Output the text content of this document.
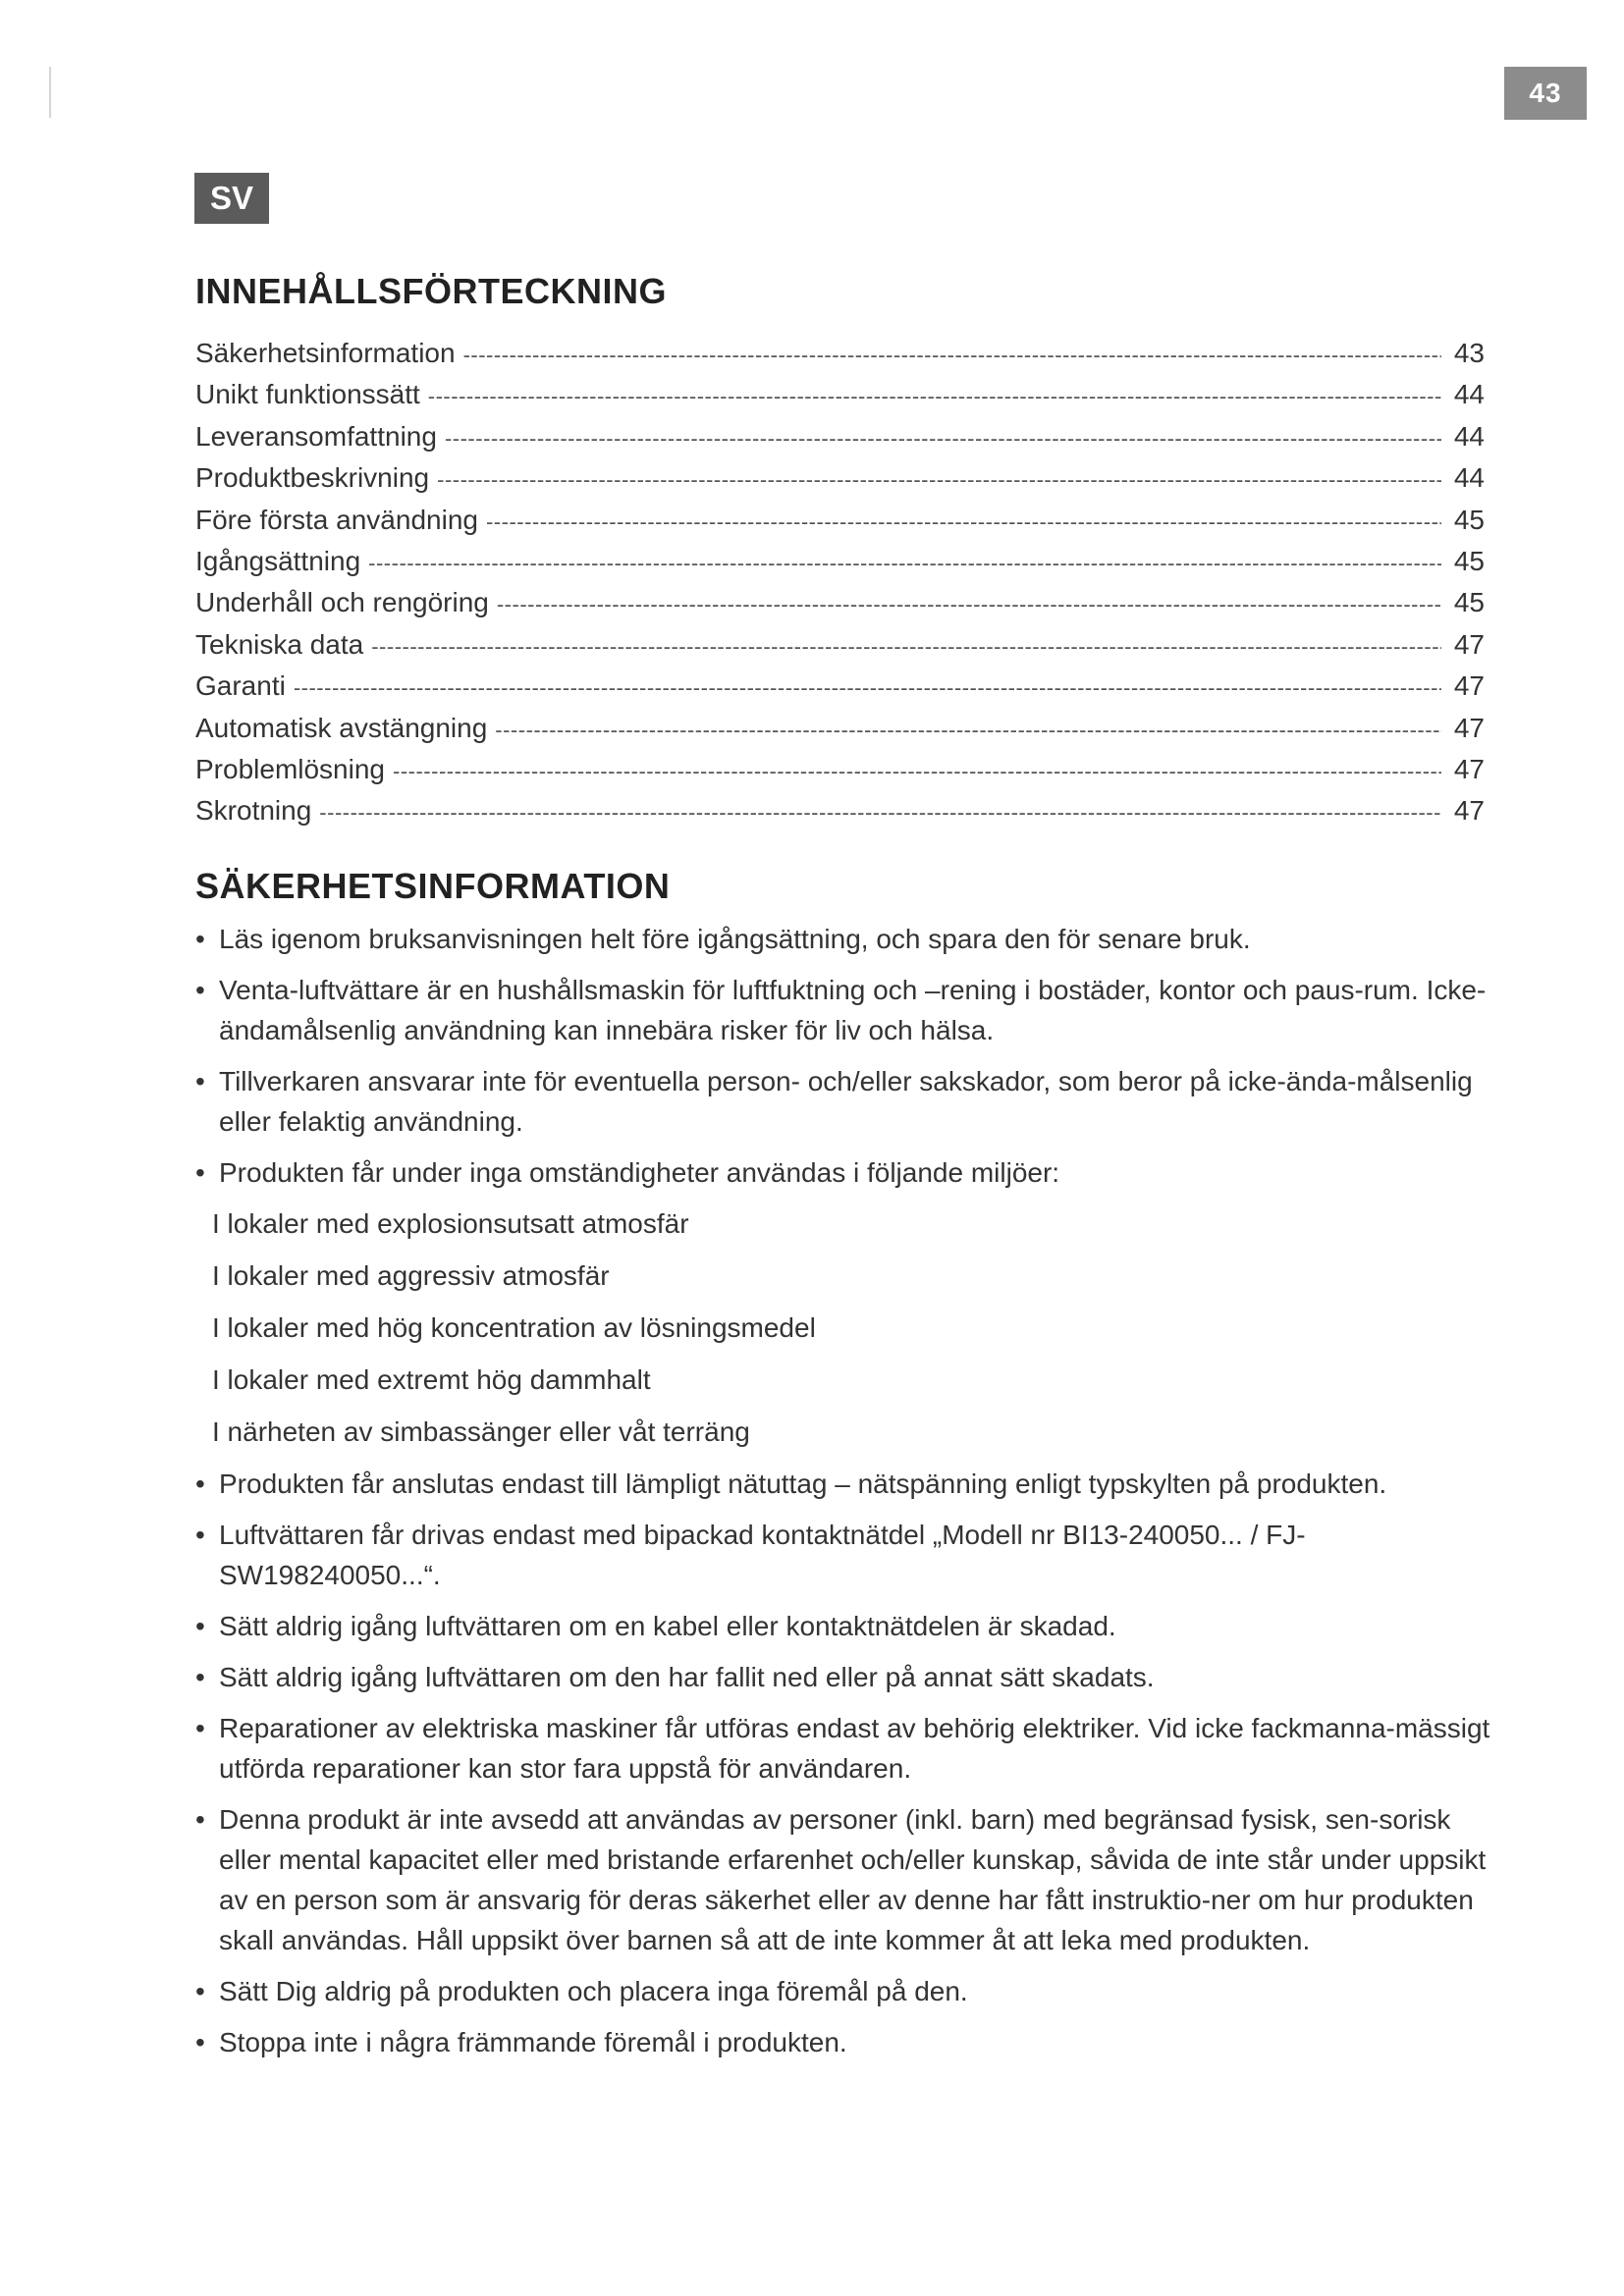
43
SV
INNEHÅLLSFÖRTECKNING
Säkerhetsinformation -----	43
Unikt funktionssätt -----	44
Leveransomfattning -----	44
Produktbeskrivning -----	44
Före första användning -----	45
Igångsättning -----	45
Underhåll och rengöring -----	45
Tekniska data -----	47
Garanti -----	47
Automatisk avstängning -----	47
Problemlösning -----	47
Skrotning -----	47
SÄKERHETSINFORMATION
• Läs igenom bruksanvisningen helt före igångsättning, och spara den för senare bruk.
• Venta-luftvättare är en hushållsmaskin för luftfuktning och –rening i bostäder, kontor och paus-rum. Icke-ändamålsenlig användning kan innebära risker för liv och hälsa.
• Tillverkaren ansvarar inte för eventuella person- och/eller sakskador, som beror på icke-ända-målsenlig eller felaktig användning.
• Produkten får under inga omständigheter användas i följande miljöer:
I lokaler med explosionsutsatt atmosfär
I lokaler med aggressiv atmosfär
I lokaler med hög koncentration av lösningsmedel
I lokaler med extremt hög dammhalt
I närheten av simbassänger eller våt terräng
• Produkten får anslutas endast till lämpligt nätuttag – nätspänning enligt typskylten på produkten.
• Luftvättaren får drivas endast med bipackad kontaktnätdel „Modell nr BI13-240050... / FJ-SW198240050...“.
• Sätt aldrig igång luftvättaren om en kabel eller kontaktnätdelen är skadad.
• Sätt aldrig igång luftvättaren om den har fallit ned eller på annat sätt skadats.
• Reparationer av elektriska maskiner får utföras endast av behörig elektriker. Vid icke fackmanna-mässigt utförda reparationer kan stor fara uppstå för användaren.
• Denna produkt är inte avsedd att användas av personer (inkl. barn) med begränsad fysisk, sen-sorisk eller mental kapacitet eller med bristande erfarenhet och/eller kunskap, såvida de inte står under uppsikt av en person som är ansvarig för deras säkerhet eller av denne har fått instruktio-ner om hur produkten skall användas. Håll uppsikt över barnen så att de inte kommer åt att leka med produkten.
• Sätt Dig aldrig på produkten och placera inga föremål på den.
• Stoppa inte i några främmande föremål i produkten.
